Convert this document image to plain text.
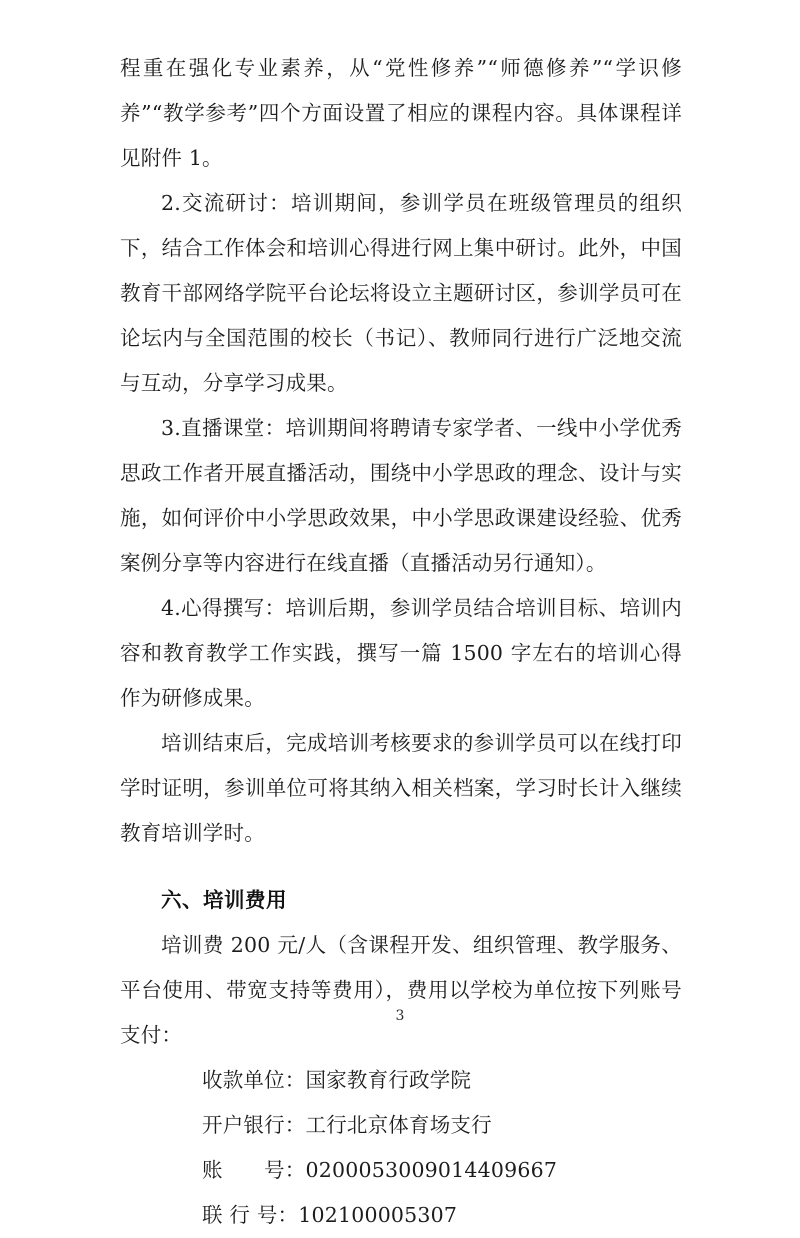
程重在强化专业素养，从“党性修养”“师德修养”“学识修养”“教学参考”四个方面设置了相应的课程内容。具体课程详见附件 1。

2.交流研讨：培训期间，参训学员在班级管理员的组织下，结合工作体会和培训心得进行网上集中研讨。此外，中国教育干部网络学院平台论坛将设立主题研讨区，参训学员可在论坛内与全国范围的校长（书记）、教师同行进行广泛地交流与互动，分享学习成果。

3.直播课堂：培训期间将聘请专家学者、一线中小学优秀思政工作者开展直播活动，围绕中小学思政的理念、设计与实施，如何评价中小学思政效果，中小学思政课建设经验、优秀案例分享等内容进行在线直播（直播活动另行通知）。

4.心得撰写：培训后期，参训学员结合培训目标、培训内容和教育教学工作实践，撰写一篇 1500 字左右的培训心得作为研修成果。

培训结束后，完成培训考核要求的参训学员可以在线打印学时证明，参训单位可将其纳入相关档案，学习时长计入继续教育培训学时。

六、培训费用

培训费 200 元/人（含课程开发、组织管理、教学服务、平台使用、带宽支持等费用），费用以学校为单位按下列账号支付：

收款单位：国家教育行政学院

开户银行：工行北京体育场支行

账　　号：0200053009014409667

联 行 号：102100005307

3
